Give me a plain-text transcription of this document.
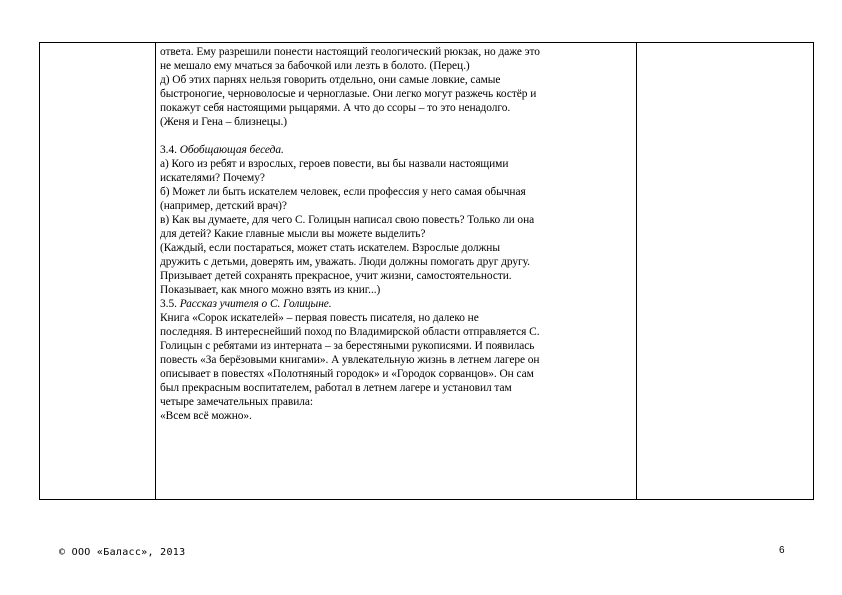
ответа. Ему разрешили понести настоящий геологический рюкзак, но даже это

не мешало ему мчаться за бабочкой или лезть в болото. (Перец.)

д) Об этих парнях нельзя говорить отдельно, они самые ловкие, самые

быстроногие, черноволосые и черноглазые. Они легко могут разжечь костёр и

покажут себя настоящими рыцарями. А что до ссоры – то это ненадолго.

(Женя и Гена – близнецы.)

3.4. Обобщающая беседа.

а) Кого из ребят и взрослых, героев повести, вы бы назвали настоящими

искателями? Почему?

б) Может ли быть искателем человек, если профессия у него самая обычная

(например, детский врач)?

в) Как вы думаете, для чего С. Голицын написал свою повесть? Только ли она

для детей? Какие главные мысли вы можете выделить?

(Каждый, если постараться, может стать искателем. Взрослые должны

дружить с детьми, доверять им, уважать. Люди должны помогать друг другу.

Призывает детей сохранять прекрасное, учит жизни, самостоятельности.

Показывает, как много можно взять из книг...)

3.5. Рассказ учителя о С. Голицыне.

Книга «Сорок искателей» – первая повесть писателя, но далеко не

последняя. В интереснейший поход по Владимирской области отправляется С.

Голицын с ребятами из интерната – за берестяными рукописями. И появилась

повесть «За берёзовыми книгами». А увлекательную жизнь в летнем лагере он

описывает в повестях «Полотняный городок» и «Городок сорванцов». Он сам

был прекрасным воспитателем, работал в летнем лагере и установил там

четыре замечательных правила:

«Всем всё можно».

© ООО «Баласс», 2013	6
